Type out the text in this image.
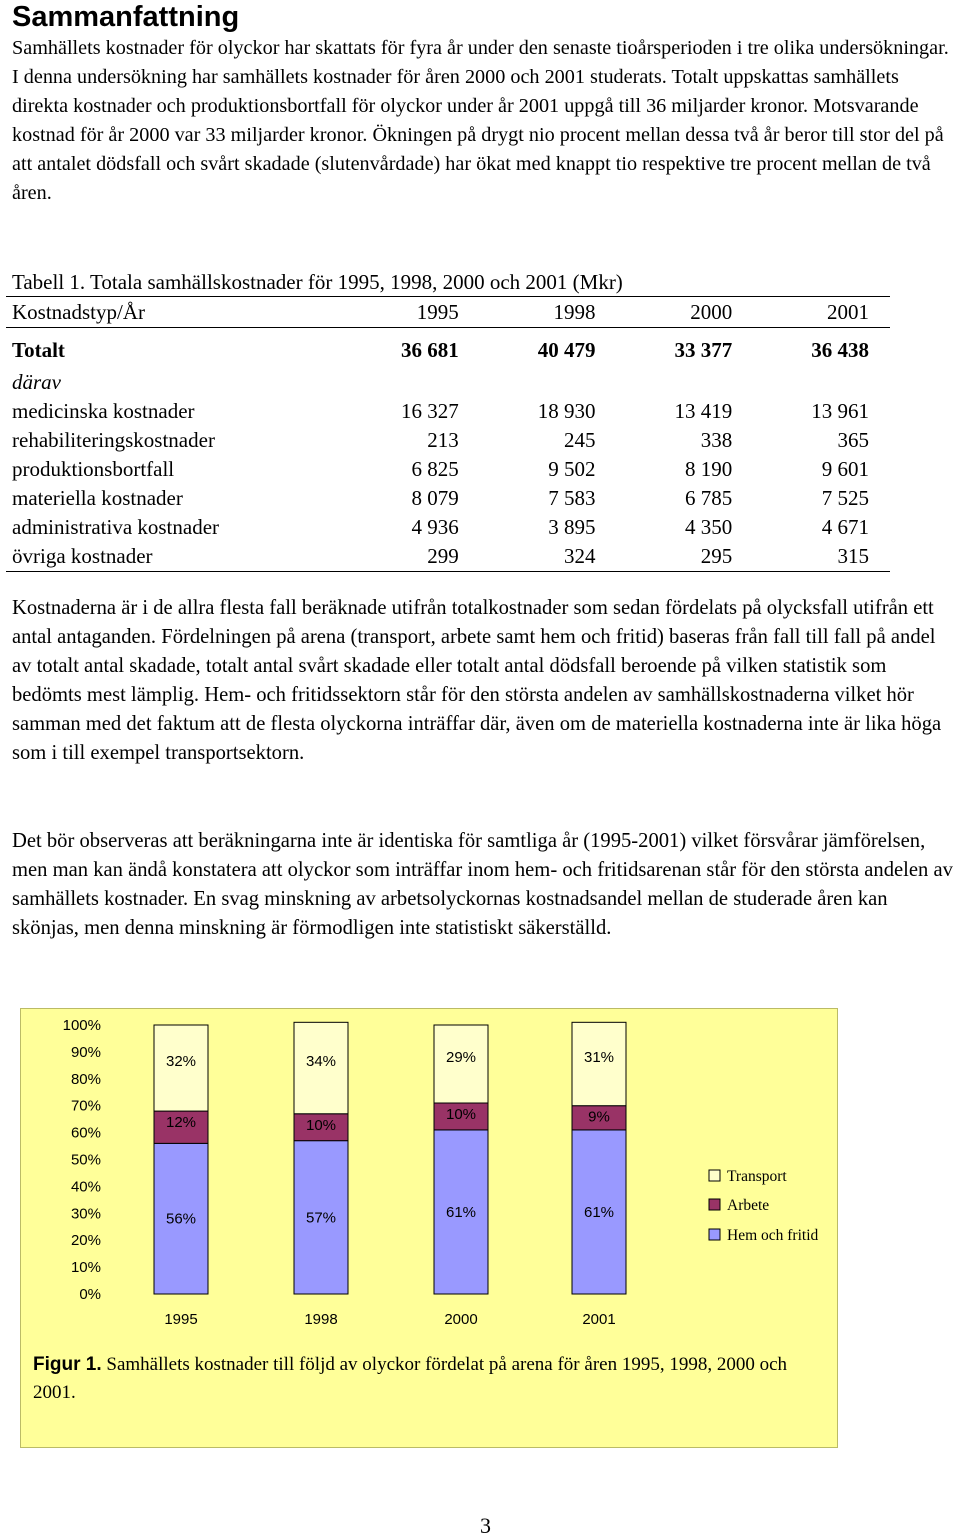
Sammanfattning

Samhällets kostnader för olyckor har skattats för fyra år under den senaste tioårsperioden i tre olika undersökningar. I denna undersökning har samhällets kostnader för åren 2000 och 2001 studerats. Totalt uppskattas samhällets direkta kostnader och produktionsbortfall för olyckor under år 2001 uppgå till 36 miljarder kronor. Motsvarande kostnad för år 2000 var 33 miljarder kronor. Ökningen på drygt nio procent mellan dessa två år beror till stor del på att antalet dödsfall och svårt skadade (slutenvårdade) har ökat med knappt tio respektive tre procent mellan de två åren.

Tabell 1. Totala samhällskostnader för 1995, 1998, 2000 och 2001 (Mkr)
Kostnadstyp/År	1995	1998	2000	2001
Totalt	36 681	40 479	33 377	36 438
därav				
medicinska kostnader	16 327	18 930	13 419	13 961
rehabiliteringskostnader	213	245	338	365
produktionsbortfall	6 825	9 502	8 190	9 601
materiella kostnader	8 079	7 583	6 785	7 525
administrativa kostnader	4 936	3 895	4 350	4 671
övriga kostnader	299	324	295	315

Kostnaderna är i de allra flesta fall beräknade utifrån totalkostnader som sedan fördelats på olycksfall utifrån ett antal antaganden. Fördelningen på arena (transport, arbete samt hem och fritid) baseras från fall till fall på andel av totalt antal skadade, totalt antal svårt skadade eller totalt antal dödsfall beroende på vilken statistik som bedömts mest lämplig. Hem- och fritidssektorn står för den största andelen av samhällskostnaderna vilket hör samman med det faktum att de flesta olyckorna inträffar där, även om de materiella kostnaderna inte är lika höga som i till exempel transportsektorn.

Det bör observeras att beräkningarna inte är identiska för samtliga år (1995-2001) vilket försvårar jämförelsen, men man kan ändå konstatera att olyckor som inträffar inom hem- och fritidsarenan står för den största andelen av samhällets kostnader. En svag minskning av arbetsolyckornas kostnadsandel mellan de studerade åren kan skönjas, men denna minskning är förmodligen inte statistiskt säkerställd.

0%
10%
20%
30%
40%
50%
60%
70%
80%
90%
100%
56%
12%
32%
1995
57%
10%
34%
1998
61%
10%
29%
2000
61%
9%
31%
2001
Transport
Arbete
Hem och fritid

Figur 1. Samhällets kostnader till följd av olyckor fördelat på arena för åren 1995, 1998, 2000 och 2001.

3
